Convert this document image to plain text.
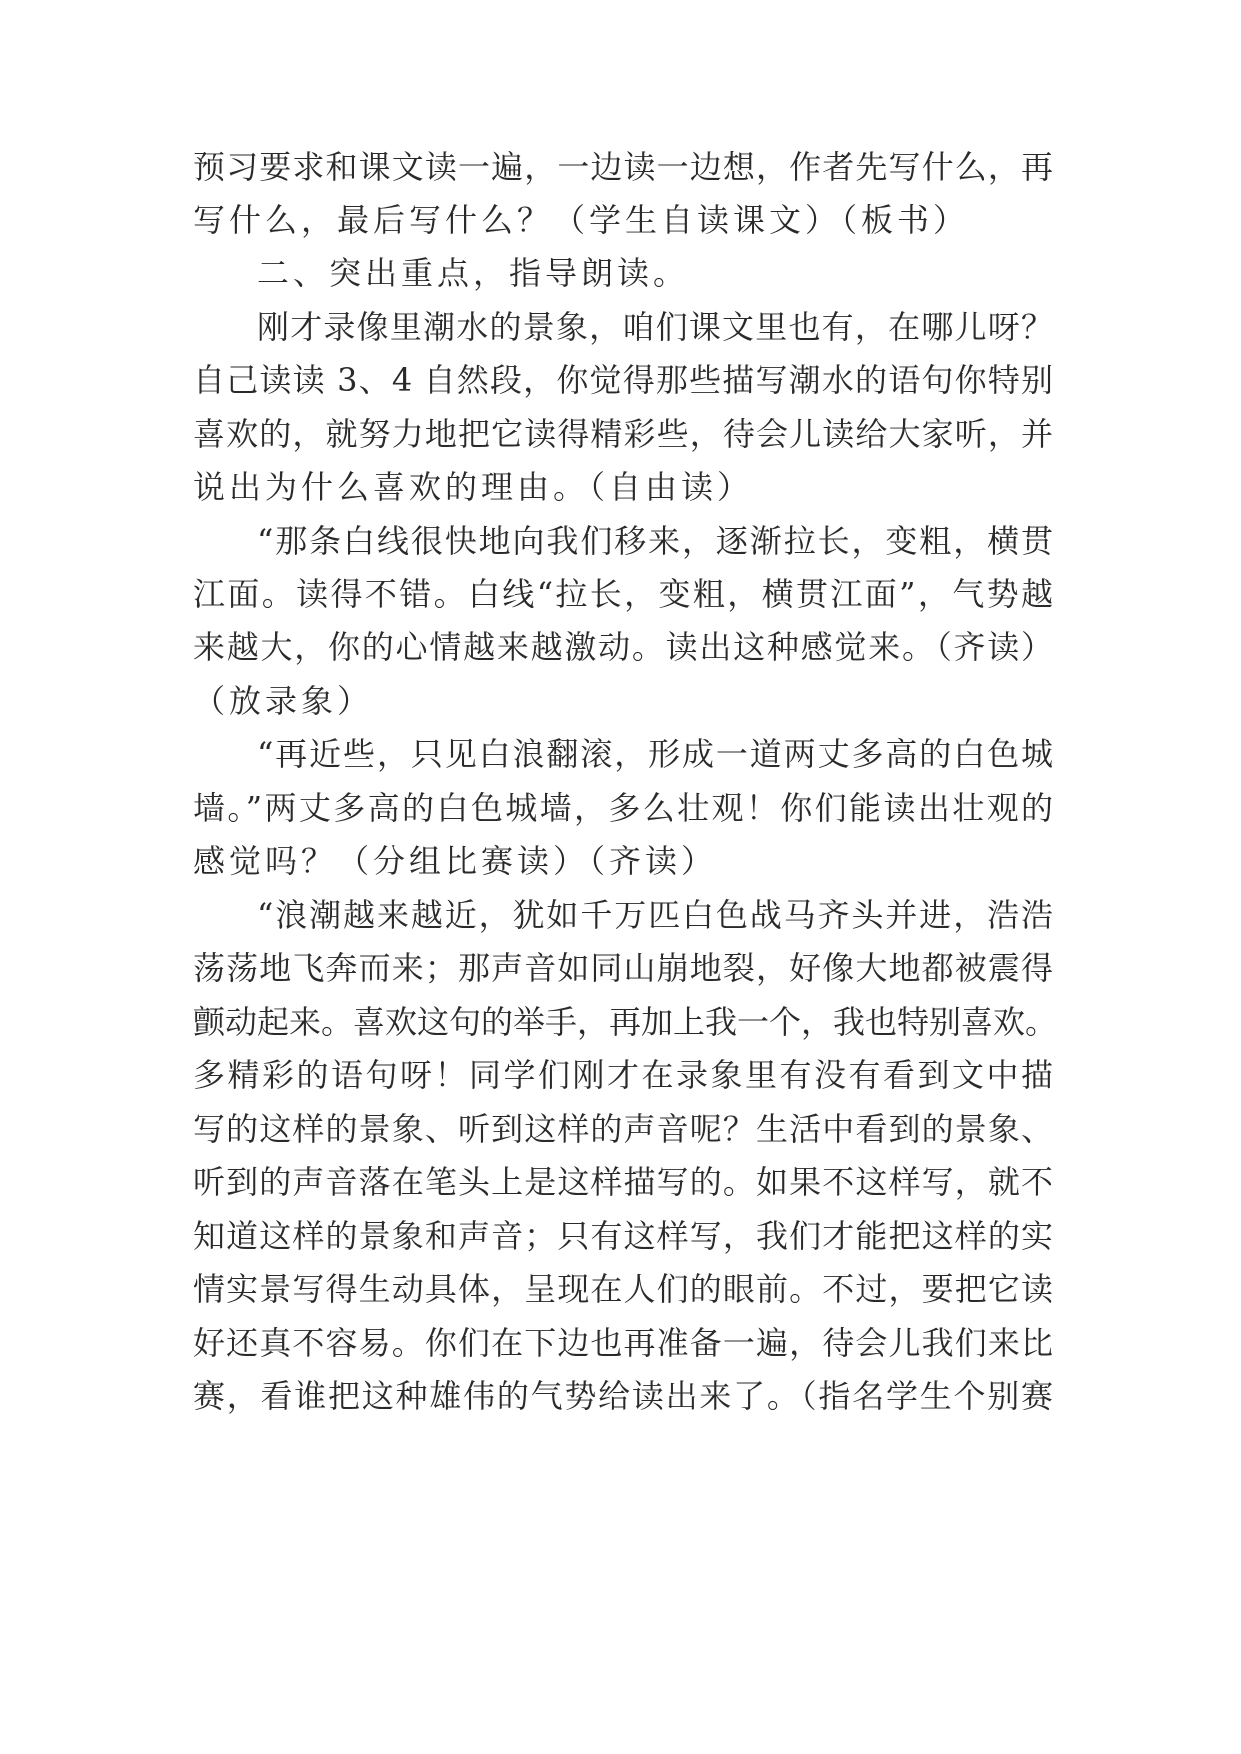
预习要求和课文读一遍，一边读一边想，作者先写什么，再
写什么，最后写什么？（学生自读课文）（板书）
二、突出重点，指导朗读。
刚才录像里潮水的景象，咱们课文里也有，在哪儿呀？
自己读读 3、4 自然段，你觉得那些描写潮水的语句你特别
喜欢的，就努力地把它读得精彩些，待会儿读给大家听，并
说出为什么喜欢的理由。（自由读）
“那条白线很快地向我们移来，逐渐拉长，变粗，横贯
江面。读得不错。白线“拉长，变粗，横贯江面”，气势越
来越大，你的心情越来越激动。读出这种感觉来。（齐读）
（放录象）
“再近些，只见白浪翻滚，形成一道两丈多高的白色城
墙。”两丈多高的白色城墙，多么壮观！你们能读出壮观的
感觉吗？（分组比赛读）（齐读）
“浪潮越来越近，犹如千万匹白色战马齐头并进，浩浩
荡荡地飞奔而来；那声音如同山崩地裂，好像大地都被震得
颤动起来。喜欢这句的举手，再加上我一个，我也特别喜欢。
多精彩的语句呀！同学们刚才在录象里有没有看到文中描
写的这样的景象、听到这样的声音呢？生活中看到的景象、
听到的声音落在笔头上是这样描写的。如果不这样写，就不
知道这样的景象和声音；只有这样写，我们才能把这样的实
情实景写得生动具体，呈现在人们的眼前。不过，要把它读
好还真不容易。你们在下边也再准备一遍，待会儿我们来比
赛，看谁把这种雄伟的气势给读出来了。（指名学生个别赛
